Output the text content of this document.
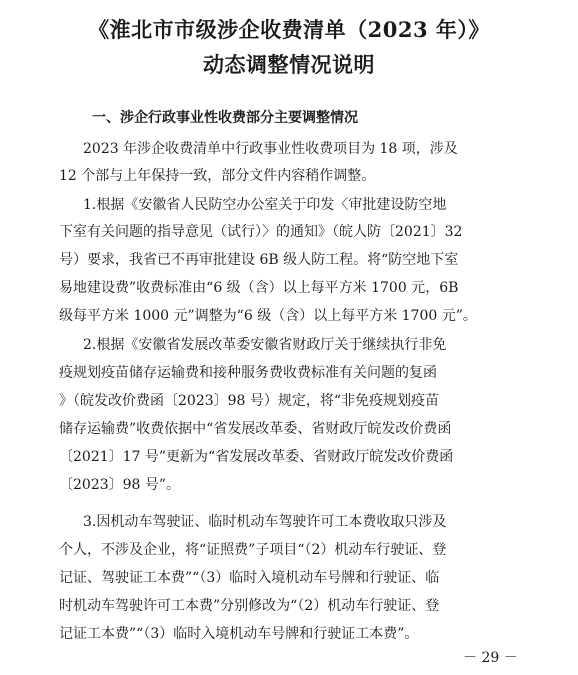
《淮北市市级涉企收费清单（2023 年）》
动态调整情况说明
一、涉企行政事业性收费部分主要调整情况
2023 年涉企收费清单中行政事业性收费项目为 18 项，涉及
12 个部与上年保持一致，部分文件内容稍作调整。
1.根据《安徽省人民防空办公室关于印发〈审批建设防空地
下室有关问题的指导意见（试行）〉的通知》（皖人防〔2021〕32
号）要求，我省已不再审批建设 6B 级人防工程。将“防空地下室
易地建设费”收费标准由“6 级（含）以上每平方米 1700 元，6B
级每平方米 1000 元”调整为“6 级（含）以上每平方米 1700 元”。
2.根据《安徽省发展改革委安徽省财政厅关于继续执行非免
疫规划疫苗储存运输费和接种服务费收费标准有关问题的复函
》（皖发改价费函〔2023〕98 号）规定，将“非免疫规划疫苗
储存运输费”收费依据中“省发展改革委、省财政厅皖发改价费函
〔2021〕17 号”更新为“省发展改革委、省财政厅皖发改价费函
〔2023〕98 号”。
3.因机动车驾驶证、临时机动车驾驶许可工本费收取只涉及
个人，不涉及企业，将“证照费”子项目“（2）机动车行驶证、登
记证、驾驶证工本费”“（3）临时入境机动车号牌和行驶证、临
时机动车驾驶许可工本费”分别修改为“（2）机动车行驶证、登
记证工本费”“（3）临时入境机动车号牌和行驶证工本费”。
－ 29 －
